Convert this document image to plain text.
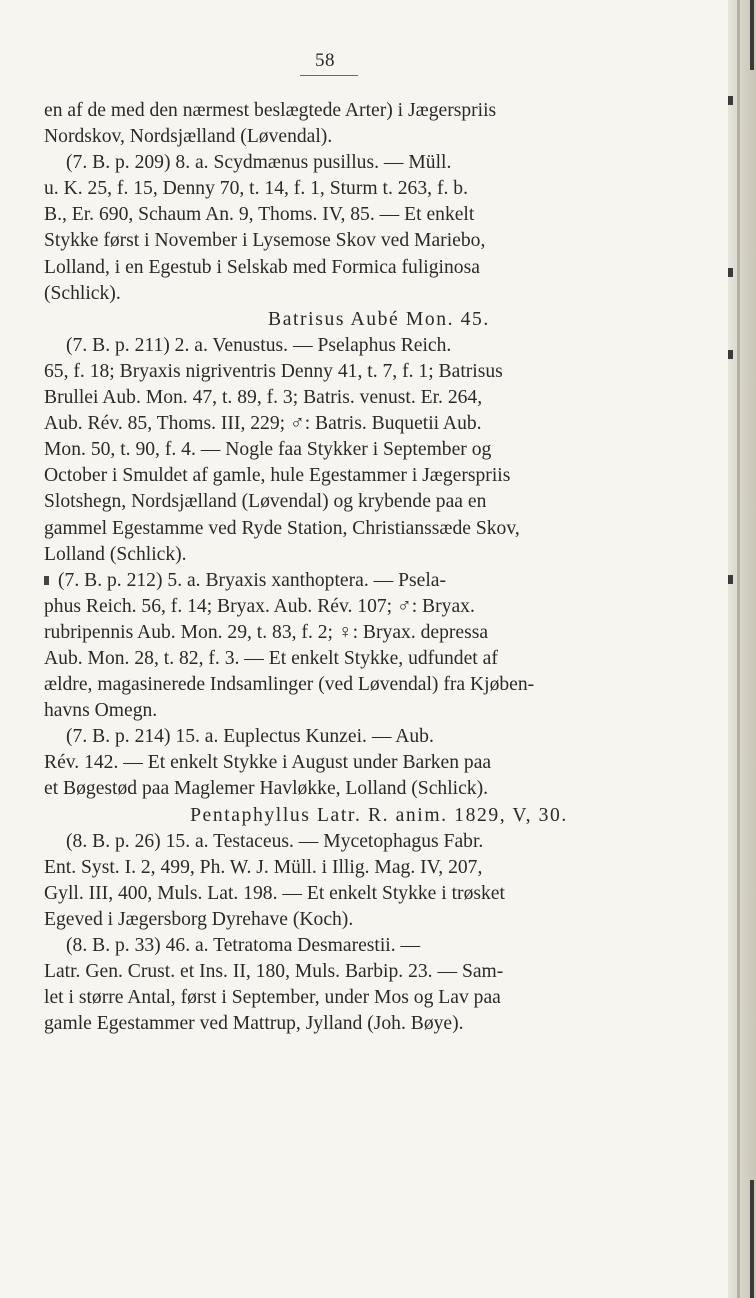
58
en af de med den nærmest beslægtede Arter) i Jægerspriis
Nordskov, Nordsjælland (Løvendal).
(7. B. p. 209) 8. a. Scydmænus pusillus. — Müll.
u. K. 25, f. 15, Denny 70, t. 14, f. 1, Sturm t. 263, f. b.
B., Er. 690, Schaum An. 9, Thoms. IV, 85. — Et enkelt
Stykke først i November i Lysemose Skov ved Mariebo,
Lolland, i en Egestub i Selskab med Formica fuliginosa
(Schlick).
Batrisus Aubé Mon. 45.
(7. B. p. 211) 2. a. Venustus. — Pselaphus Reich.
65, f. 18; Bryaxis nigriventris Denny 41, t. 7, f. 1; Batrisus
Brullei Aub. Mon. 47, t. 89, f. 3; Batris. venust. Er. 264,
Aub. Rév. 85, Thoms. III, 229; ♂: Batris. Buquetii Aub.
Mon. 50, t. 90, f. 4. — Nogle faa Stykker i September og
October i Smuldet af gamle, hule Egestammer i Jægerspriis
Slotshegn, Nordsjælland (Løvendal) og krybende paa en
gammel Egestamme ved Ryde Station, Christianssæde Skov,
Lolland (Schlick).
(7. B. p. 212) 5. a. Bryaxis xanthoptera. — Psela-
phus Reich. 56, f. 14; Bryax. Aub. Rév. 107; ♂: Bryax.
rubripennis Aub. Mon. 29, t. 83, f. 2; ♀: Bryax. depressa
Aub. Mon. 28, t. 82, f. 3. — Et enkelt Stykke, udfundet af
ældre, magasinerede Indsamlinger (ved Løvendal) fra Kjøben-
havns Omegn.
(7. B. p. 214) 15. a. Euplectus Kunzei. — Aub.
Rév. 142. — Et enkelt Stykke i August under Barken paa
et Bøgestød paa Maglemer Havløkke, Lolland (Schlick).
Pentaphyllus Latr. R. anim. 1829, V, 30.
(8. B. p. 26) 15. a. Testaceus. — Mycetophagus Fabr.
Ent. Syst. I. 2, 499, Ph. W. J. Müll. i Illig. Mag. IV, 207,
Gyll. III, 400, Muls. Lat. 198. — Et enkelt Stykke i trøsket
Egeved i Jægersborg Dyrehave (Koch).
(8. B. p. 33) 46. a. Tetratoma Desmarestii. —
Latr. Gen. Crust. et Ins. II, 180, Muls. Barbip. 23. — Sam-
let i større Antal, først i September, under Mos og Lav paa
gamle Egestammer ved Mattrup, Jylland (Joh. Bøye).
